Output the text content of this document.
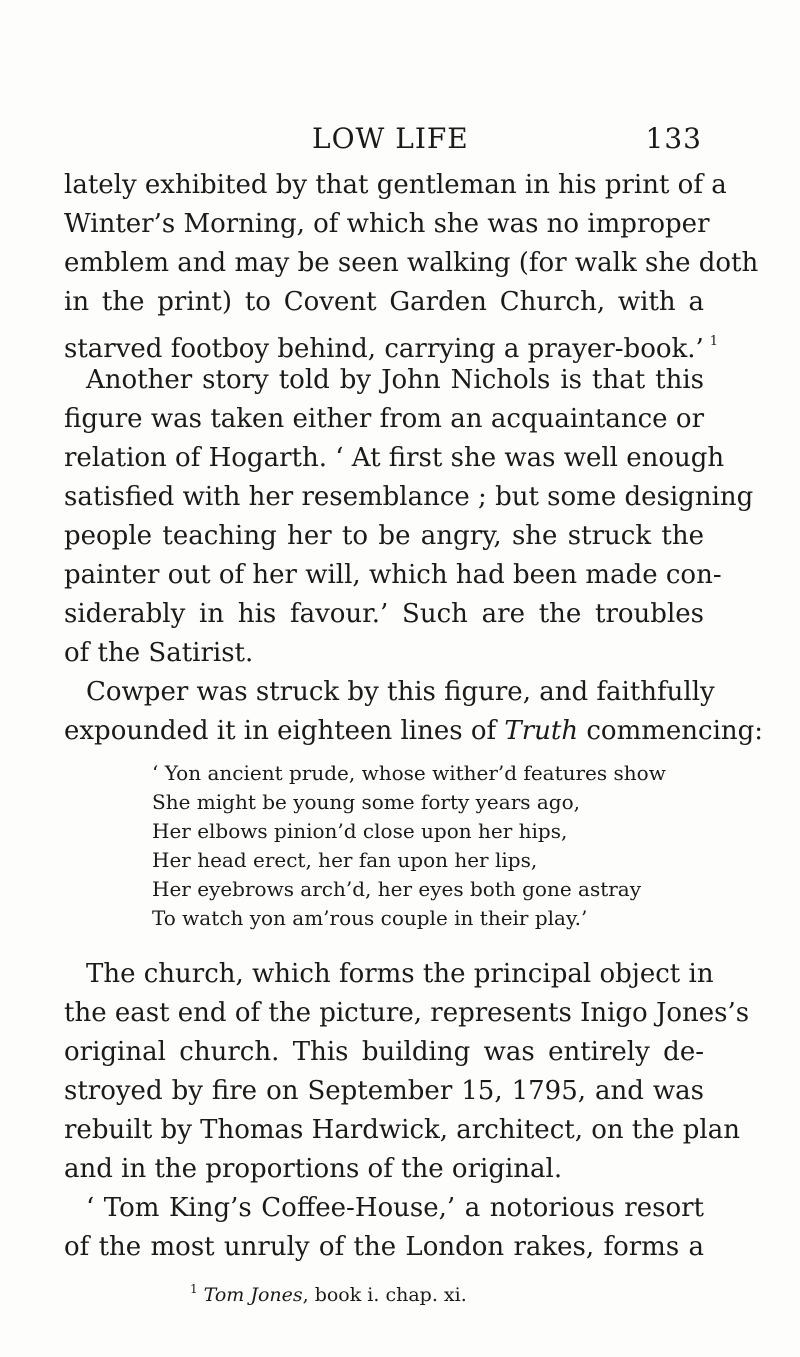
LOW LIFE	133
lately exhibited by that gentleman in his print of a
Winter’s Morning, of which she was no improper
emblem and may be seen walking (for walk she doth
in the print) to Covent Garden Church, with a
starved footboy behind, carrying a prayer-book.’ $^1$
Another story told by John Nichols is that this
figure was taken either from an acquaintance or
relation of Hogarth. ‘ At first she was well enough
satisfied with her resemblance ; but some designing
people teaching her to be angry, she struck the
painter out of her will, which had been made con-
siderably in his favour.’ Such are the troubles
of the Satirist.
Cowper was struck by this figure, and faithfully
expounded it in eighteen lines of Truth commencing:
‘ Yon ancient prude, whose wither’d features show
She might be young some forty years ago,
Her elbows pinion’d close upon her hips,
Her head erect, her fan upon her lips,
Her eyebrows arch’d, her eyes both gone astray
To watch yon am’rous couple in their play.’
The church, which forms the principal object in
the east end of the picture, represents Inigo Jones’s
original church. This building was entirely de-
stroyed by fire on September 15, 1795, and was
rebuilt by Thomas Hardwick, architect, on the plan
and in the proportions of the original.
‘ Tom King’s Coffee-House,’ a notorious resort
of the most unruly of the London rakes, forms a
$^1$ Tom Jones, book i. chap. xi.
